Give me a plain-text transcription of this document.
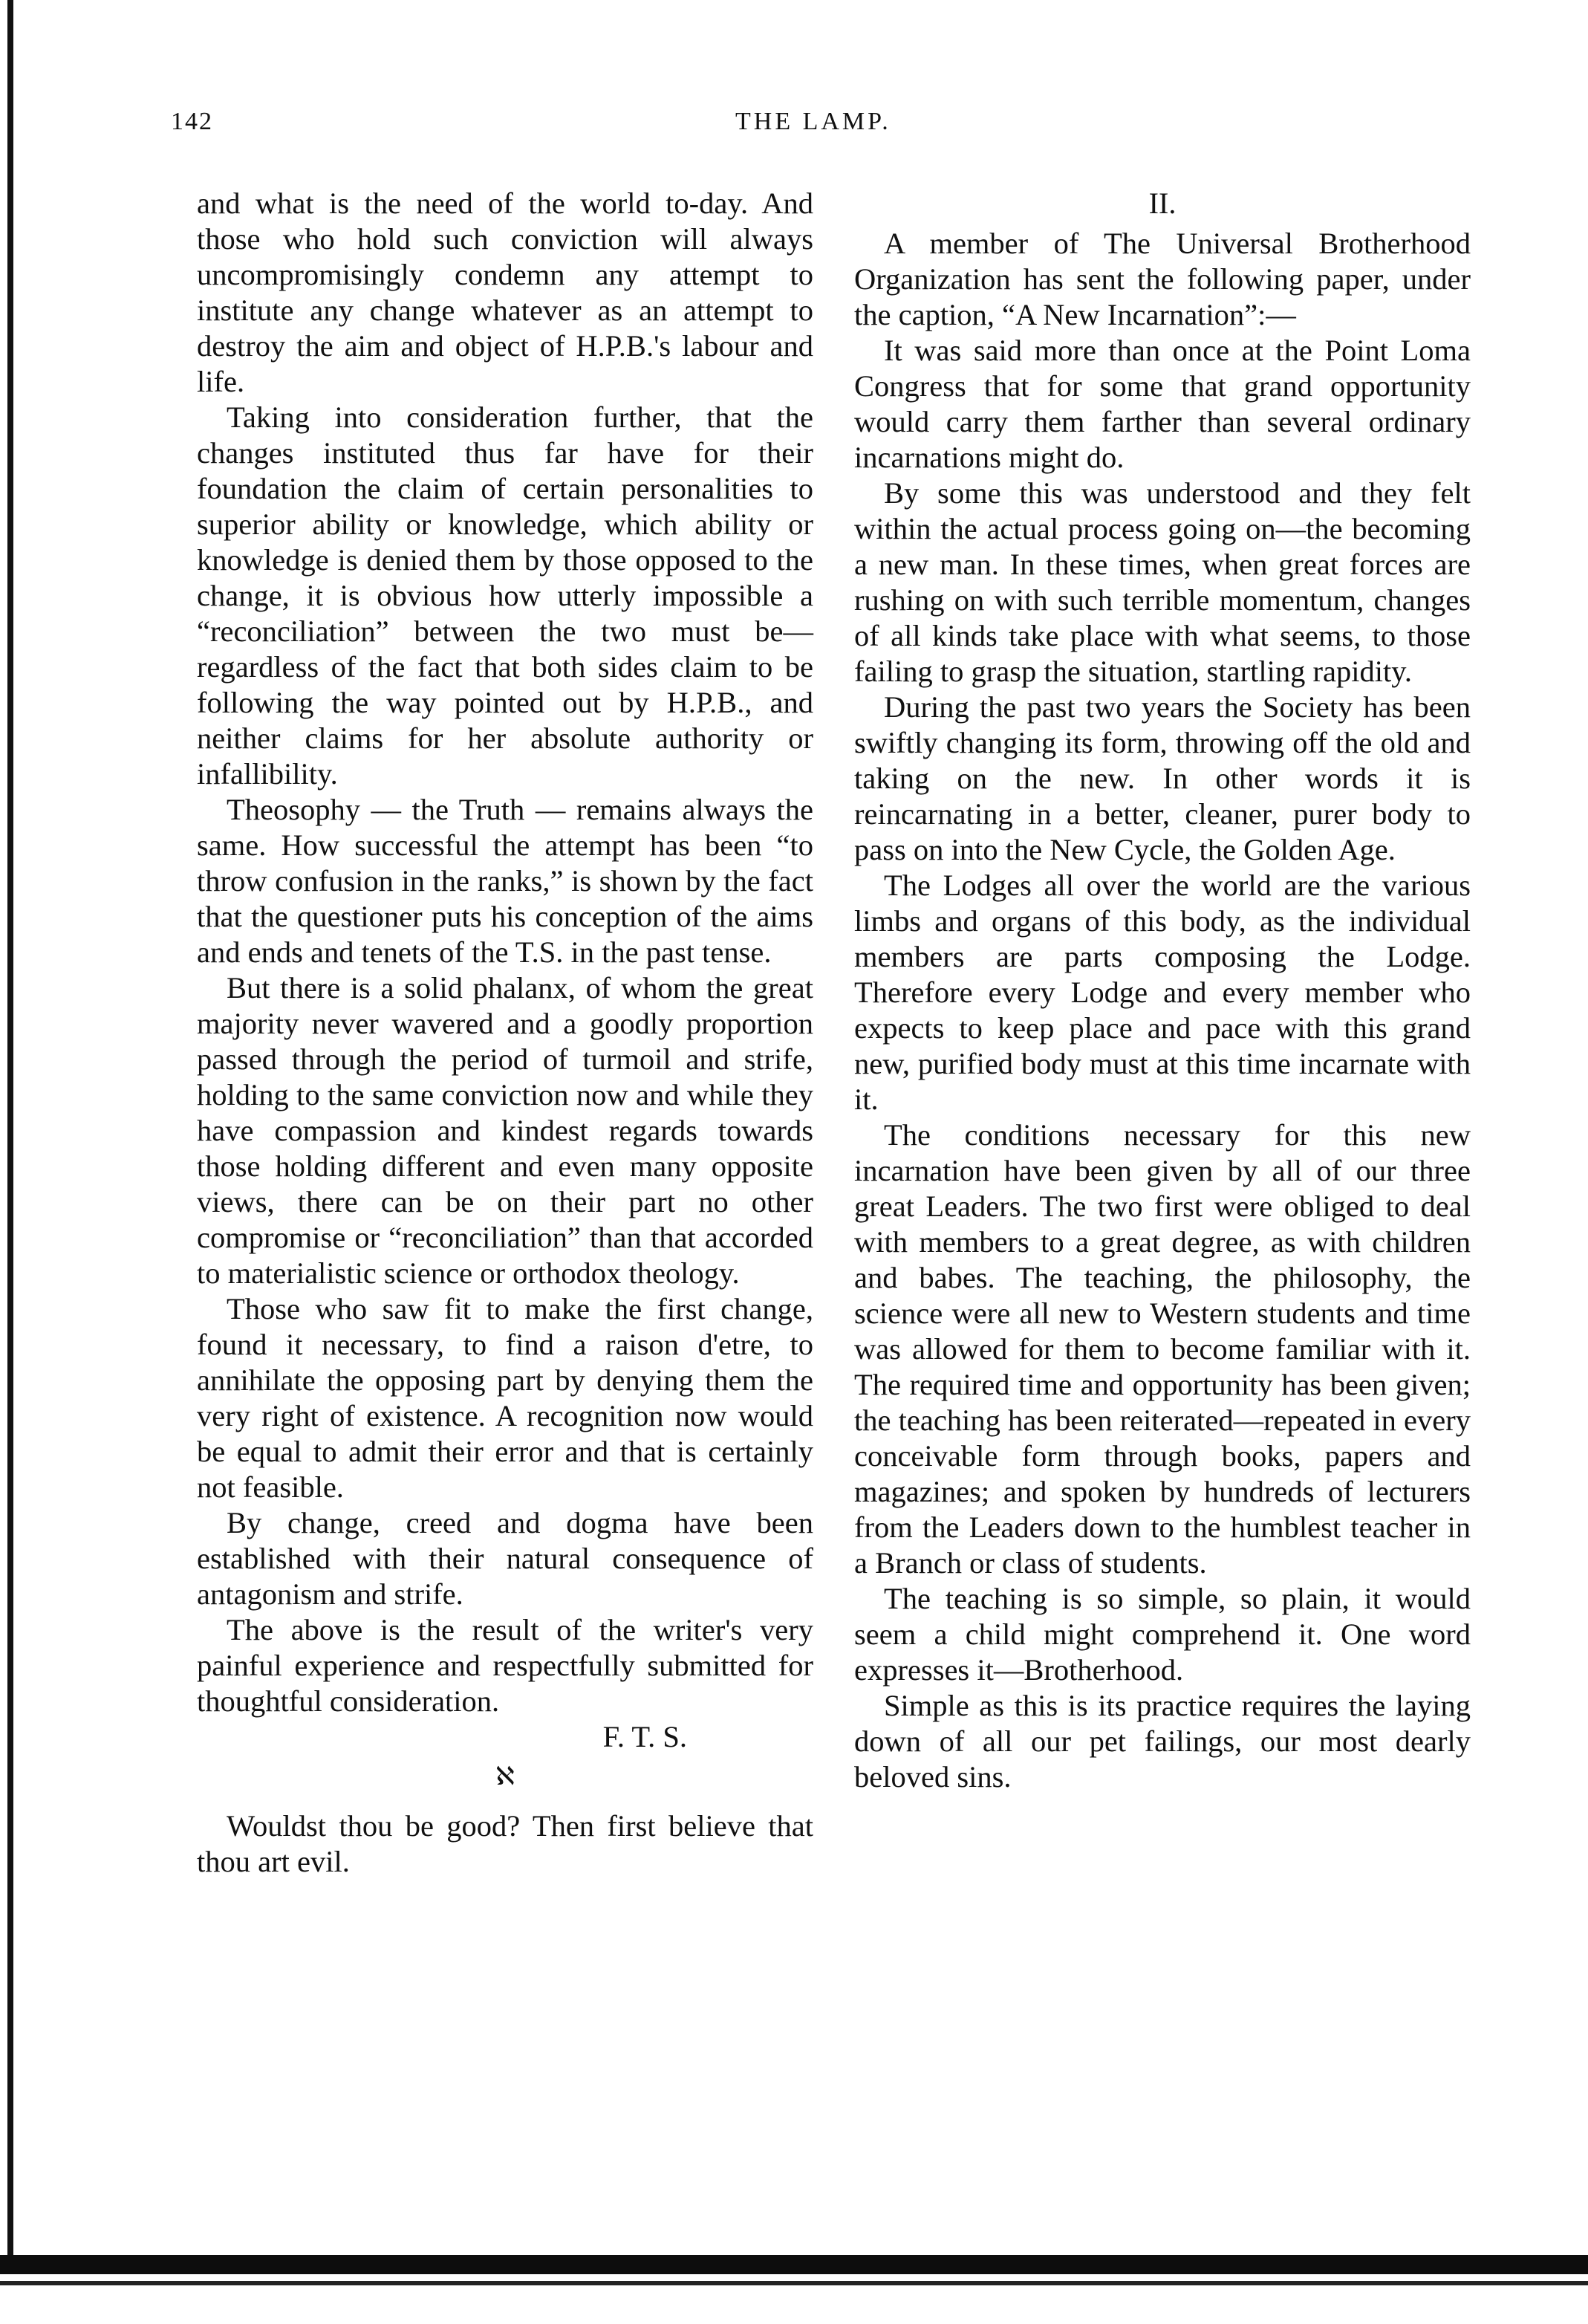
142	THE LAMP.

and what is the need of the world to-day. And those who hold such conviction will always uncompromisingly condemn any attempt to institute any change whatever as an attempt to destroy the aim and object of H.P.B.'s labour and life.

Taking into consideration further, that the changes instituted thus far have for their foundation the claim of certain personalities to superior ability or knowledge, which ability or knowledge is denied them by those opposed to the change, it is obvious how utterly impossible a “reconciliation” between the two must be—regardless of the fact that both sides claim to be following the way pointed out by H.P.B., and neither claims for her absolute authority or infallibility.

Theosophy — the Truth — remains always the same. How successful the attempt has been “to throw confusion in the ranks,” is shown by the fact that the questioner puts his conception of the aims and ends and tenets of the T.S. in the past tense.

But there is a solid phalanx, of whom the great majority never wavered and a goodly proportion passed through the period of turmoil and strife, holding to the same conviction now and while they have compassion and kindest regards towards those holding different and even many opposite views, there can be on their part no other compromise or “reconciliation” than that accorded to materialistic science or orthodox theology.

Those who saw fit to make the first change, found it necessary, to find a raison d'etre, to annihilate the opposing part by denying them the very right of existence. A recognition now would be equal to admit their error and that is certainly not feasible.

By change, creed and dogma have been established with their natural consequence of antagonism and strife.

The above is the result of the writer's very painful experience and respectfully submitted for thoughtful consideration.

F. T. S.

ℵ

Wouldst thou be good? Then first believe that thou art evil.

II.

A member of The Universal Brotherhood Organization has sent the following paper, under the caption, “A New Incarnation”:—

It was said more than once at the Point Loma Congress that for some that grand opportunity would carry them farther than several ordinary incarnations might do.

By some this was understood and they felt within the actual process going on—the becoming a new man. In these times, when great forces are rushing on with such terrible momentum, changes of all kinds take place with what seems, to those failing to grasp the situation, startling rapidity.

During the past two years the Society has been swiftly changing its form, throwing off the old and taking on the new. In other words it is reincarnating in a better, cleaner, purer body to pass on into the New Cycle, the Golden Age.

The Lodges all over the world are the various limbs and organs of this body, as the individual members are parts composing the Lodge. Therefore every Lodge and every member who expects to keep place and pace with this grand new, purified body must at this time incarnate with it.

The conditions necessary for this new incarnation have been given by all of our three great Leaders. The two first were obliged to deal with members to a great degree, as with children and babes. The teaching, the philosophy, the science were all new to Western students and time was allowed for them to become familiar with it. The required time and opportunity has been given; the teaching has been reiterated—repeated in every conceivable form through books, papers and magazines; and spoken by hundreds of lecturers from the Leaders down to the humblest teacher in a Branch or class of students.

The teaching is so simple, so plain, it would seem a child might comprehend it. One word expresses it—Brotherhood.

Simple as this is its practice requires the laying down of all our pet failings, our most dearly beloved sins.
